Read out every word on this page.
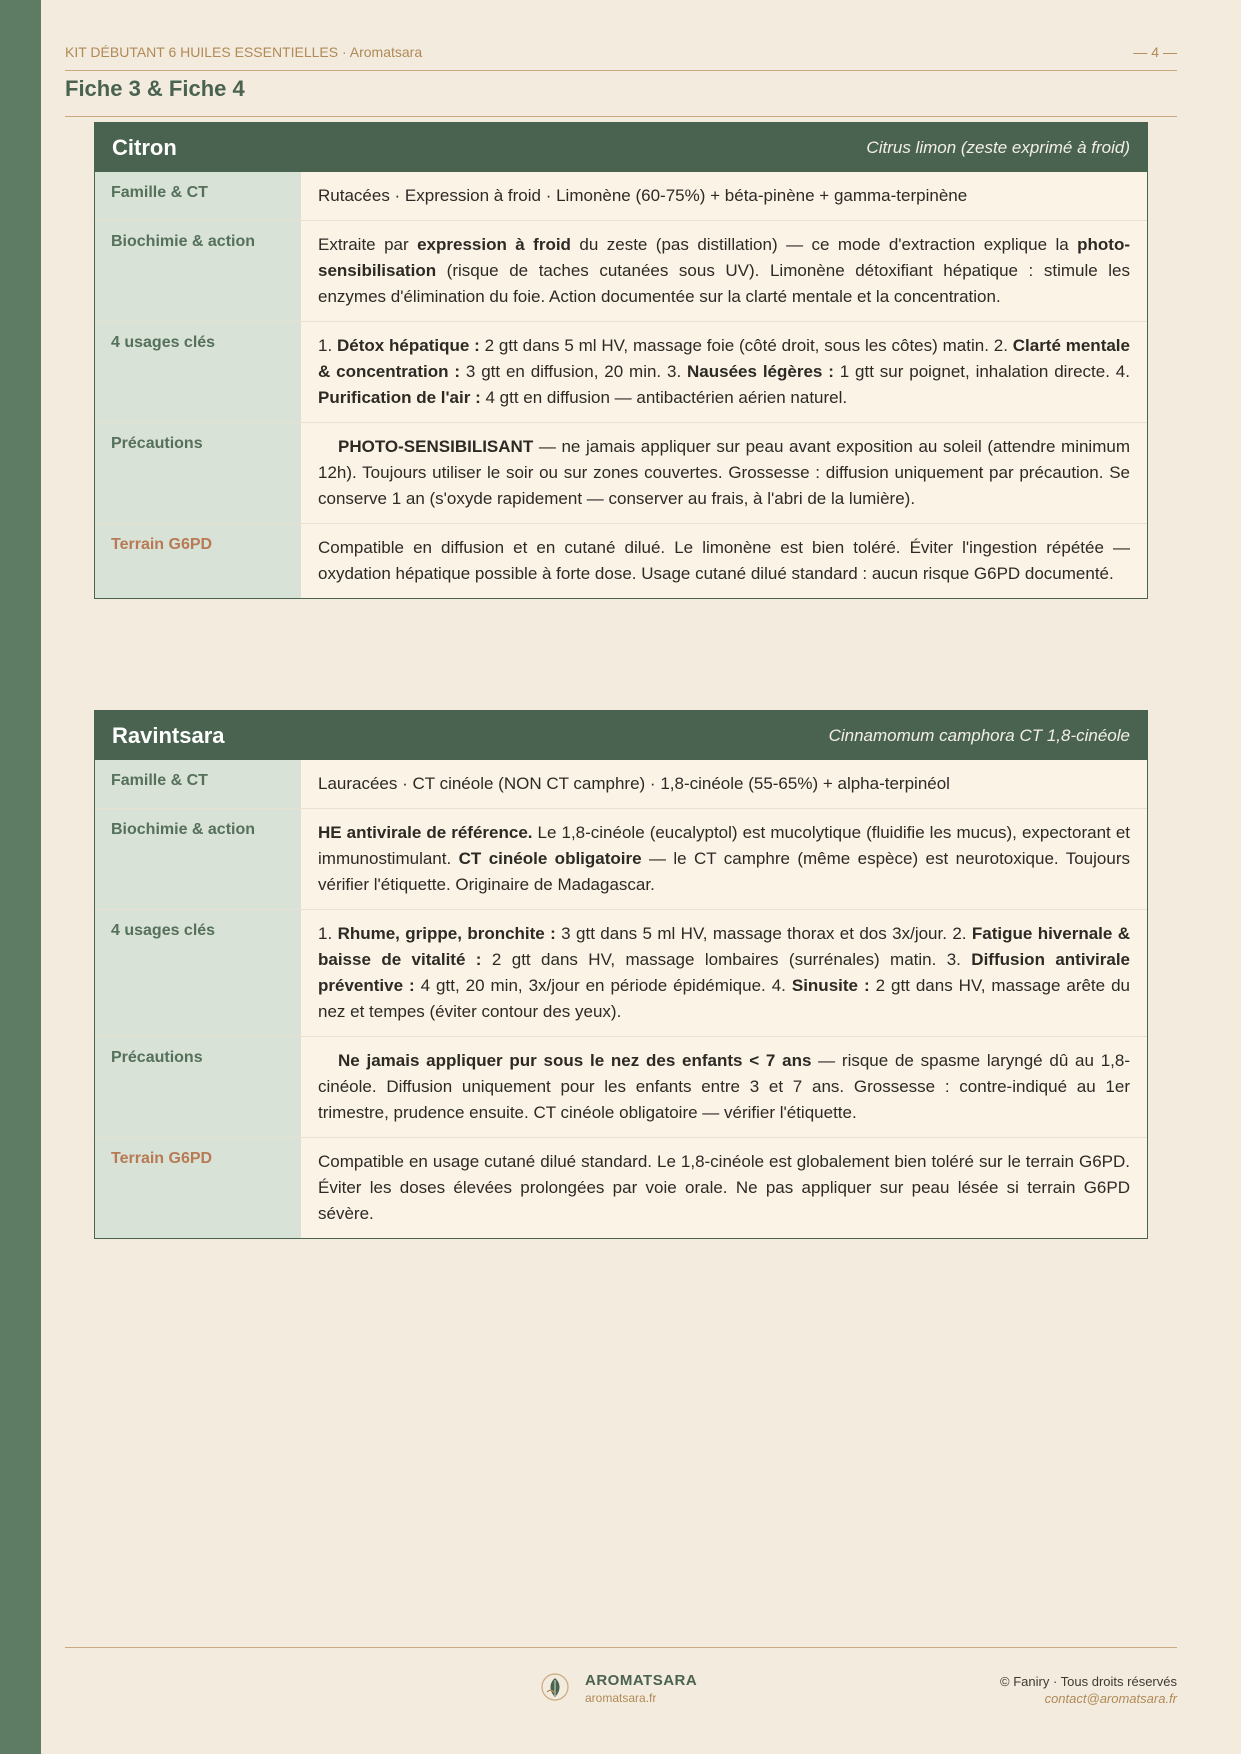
KIT DÉBUTANT 6 HUILES ESSENTIELLES · Aromatsara	— 4 —
Fiche 3 & Fiche 4
Citron	Citrus limon (zeste exprimé à froid)
Famille & CT	Rutacées · Expression à froid · Limonène (60-75%) + béta-pinène + gamma-terpinène
Biochimie & action	Extraite par expression à froid du zeste (pas distillation) — ce mode d'extraction explique la photo-sensibilisation (risque de taches cutanées sous UV). Limonène détoxifiant hépatique : stimule les enzymes d'élimination du foie. Action documentée sur la clarté mentale et la concentration.
4 usages clés	1. Détox hépatique : 2 gtt dans 5 ml HV, massage foie (côté droit, sous les côtes) matin. 2. Clarté mentale & concentration : 3 gtt en diffusion, 20 min. 3. Nausées légères : 1 gtt sur poignet, inhalation directe. 4. Purification de l'air : 4 gtt en diffusion — antibactérien aérien naturel.
Précautions	PHOTO-SENSIBILISANT — ne jamais appliquer sur peau avant exposition au soleil (attendre minimum 12h). Toujours utiliser le soir ou sur zones couvertes. Grossesse : diffusion uniquement par précaution. Se conserve 1 an (s'oxyde rapidement — conserver au frais, à l'abri de la lumière).
Terrain G6PD	Compatible en diffusion et en cutané dilué. Le limonène est bien toléré. Éviter l'ingestion répétée — oxydation hépatique possible à forte dose. Usage cutané dilué standard : aucun risque G6PD documenté.
Ravintsara	Cinnamomum camphora CT 1,8-cinéole
Famille & CT	Lauracées · CT cinéole (NON CT camphre) · 1,8-cinéole (55-65%) + alpha-terpinéol
Biochimie & action	HE antivirale de référence. Le 1,8-cinéole (eucalyptol) est mucolytique (fluidifie les mucus), expectorant et immunostimulant. CT cinéole obligatoire — le CT camphre (même espèce) est neurotoxique. Toujours vérifier l'étiquette. Originaire de Madagascar.
4 usages clés	1. Rhume, grippe, bronchite : 3 gtt dans 5 ml HV, massage thorax et dos 3x/jour. 2. Fatigue hivernale & baisse de vitalité : 2 gtt dans HV, massage lombaires (surrénales) matin. 3. Diffusion antivirale préventive : 4 gtt, 20 min, 3x/jour en période épidémique. 4. Sinusite : 2 gtt dans HV, massage arête du nez et tempes (éviter contour des yeux).
Précautions	Ne jamais appliquer pur sous le nez des enfants < 7 ans — risque de spasme laryngé dû au 1,8-cinéole. Diffusion uniquement pour les enfants entre 3 et 7 ans. Grossesse : contre-indiqué au 1er trimestre, prudence ensuite. CT cinéole obligatoire — vérifier l'étiquette.
Terrain G6PD	Compatible en usage cutané dilué standard. Le 1,8-cinéole est globalement bien toléré sur le terrain G6PD. Éviter les doses élevées prolongées par voie orale. Ne pas appliquer sur peau lésée si terrain G6PD sévère.
AROMATSARA
aromatsara.fr
© Faniry · Tous droits réservés
contact@aromatsara.fr
